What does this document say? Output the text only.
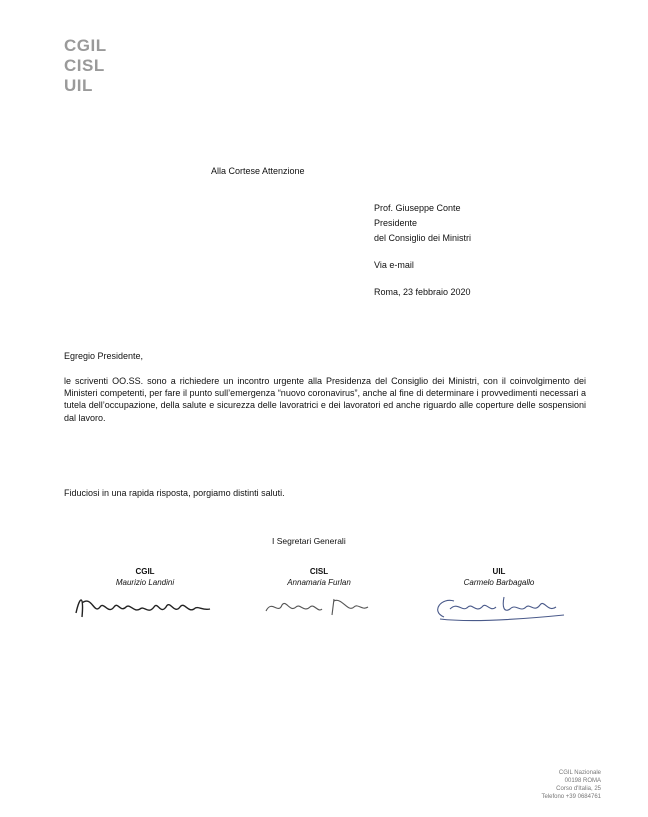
CGIL
CISL
UIL
Alla Cortese Attenzione
Prof. Giuseppe Conte
Presidente
del Consiglio dei Ministri
Via e-mail
Roma, 23 febbraio 2020
Egregio Presidente,
le scriventi OO.SS. sono a richiedere un incontro urgente alla Presidenza del Consiglio dei Ministri, con il coinvolgimento dei Ministeri competenti, per fare il punto sull’emergenza “nuovo coronavirus”, anche al fine di determinare i provvedimenti necessari a tutela dell’occupazione, della salute e sicurezza delle lavoratrici e dei lavoratori ed anche riguardo alle coperture delle sospensioni dal lavoro.
Fiduciosi in una rapida risposta, porgiamo distinti saluti.
I Segretari Generali
CGIL
Maurizio Landini
CISL
Annamaria Furlan
UIL
Carmelo Barbagallo
CGIL Nazionale
00198 ROMA
Corso d'Italia, 25
Telefono +39 0684761
